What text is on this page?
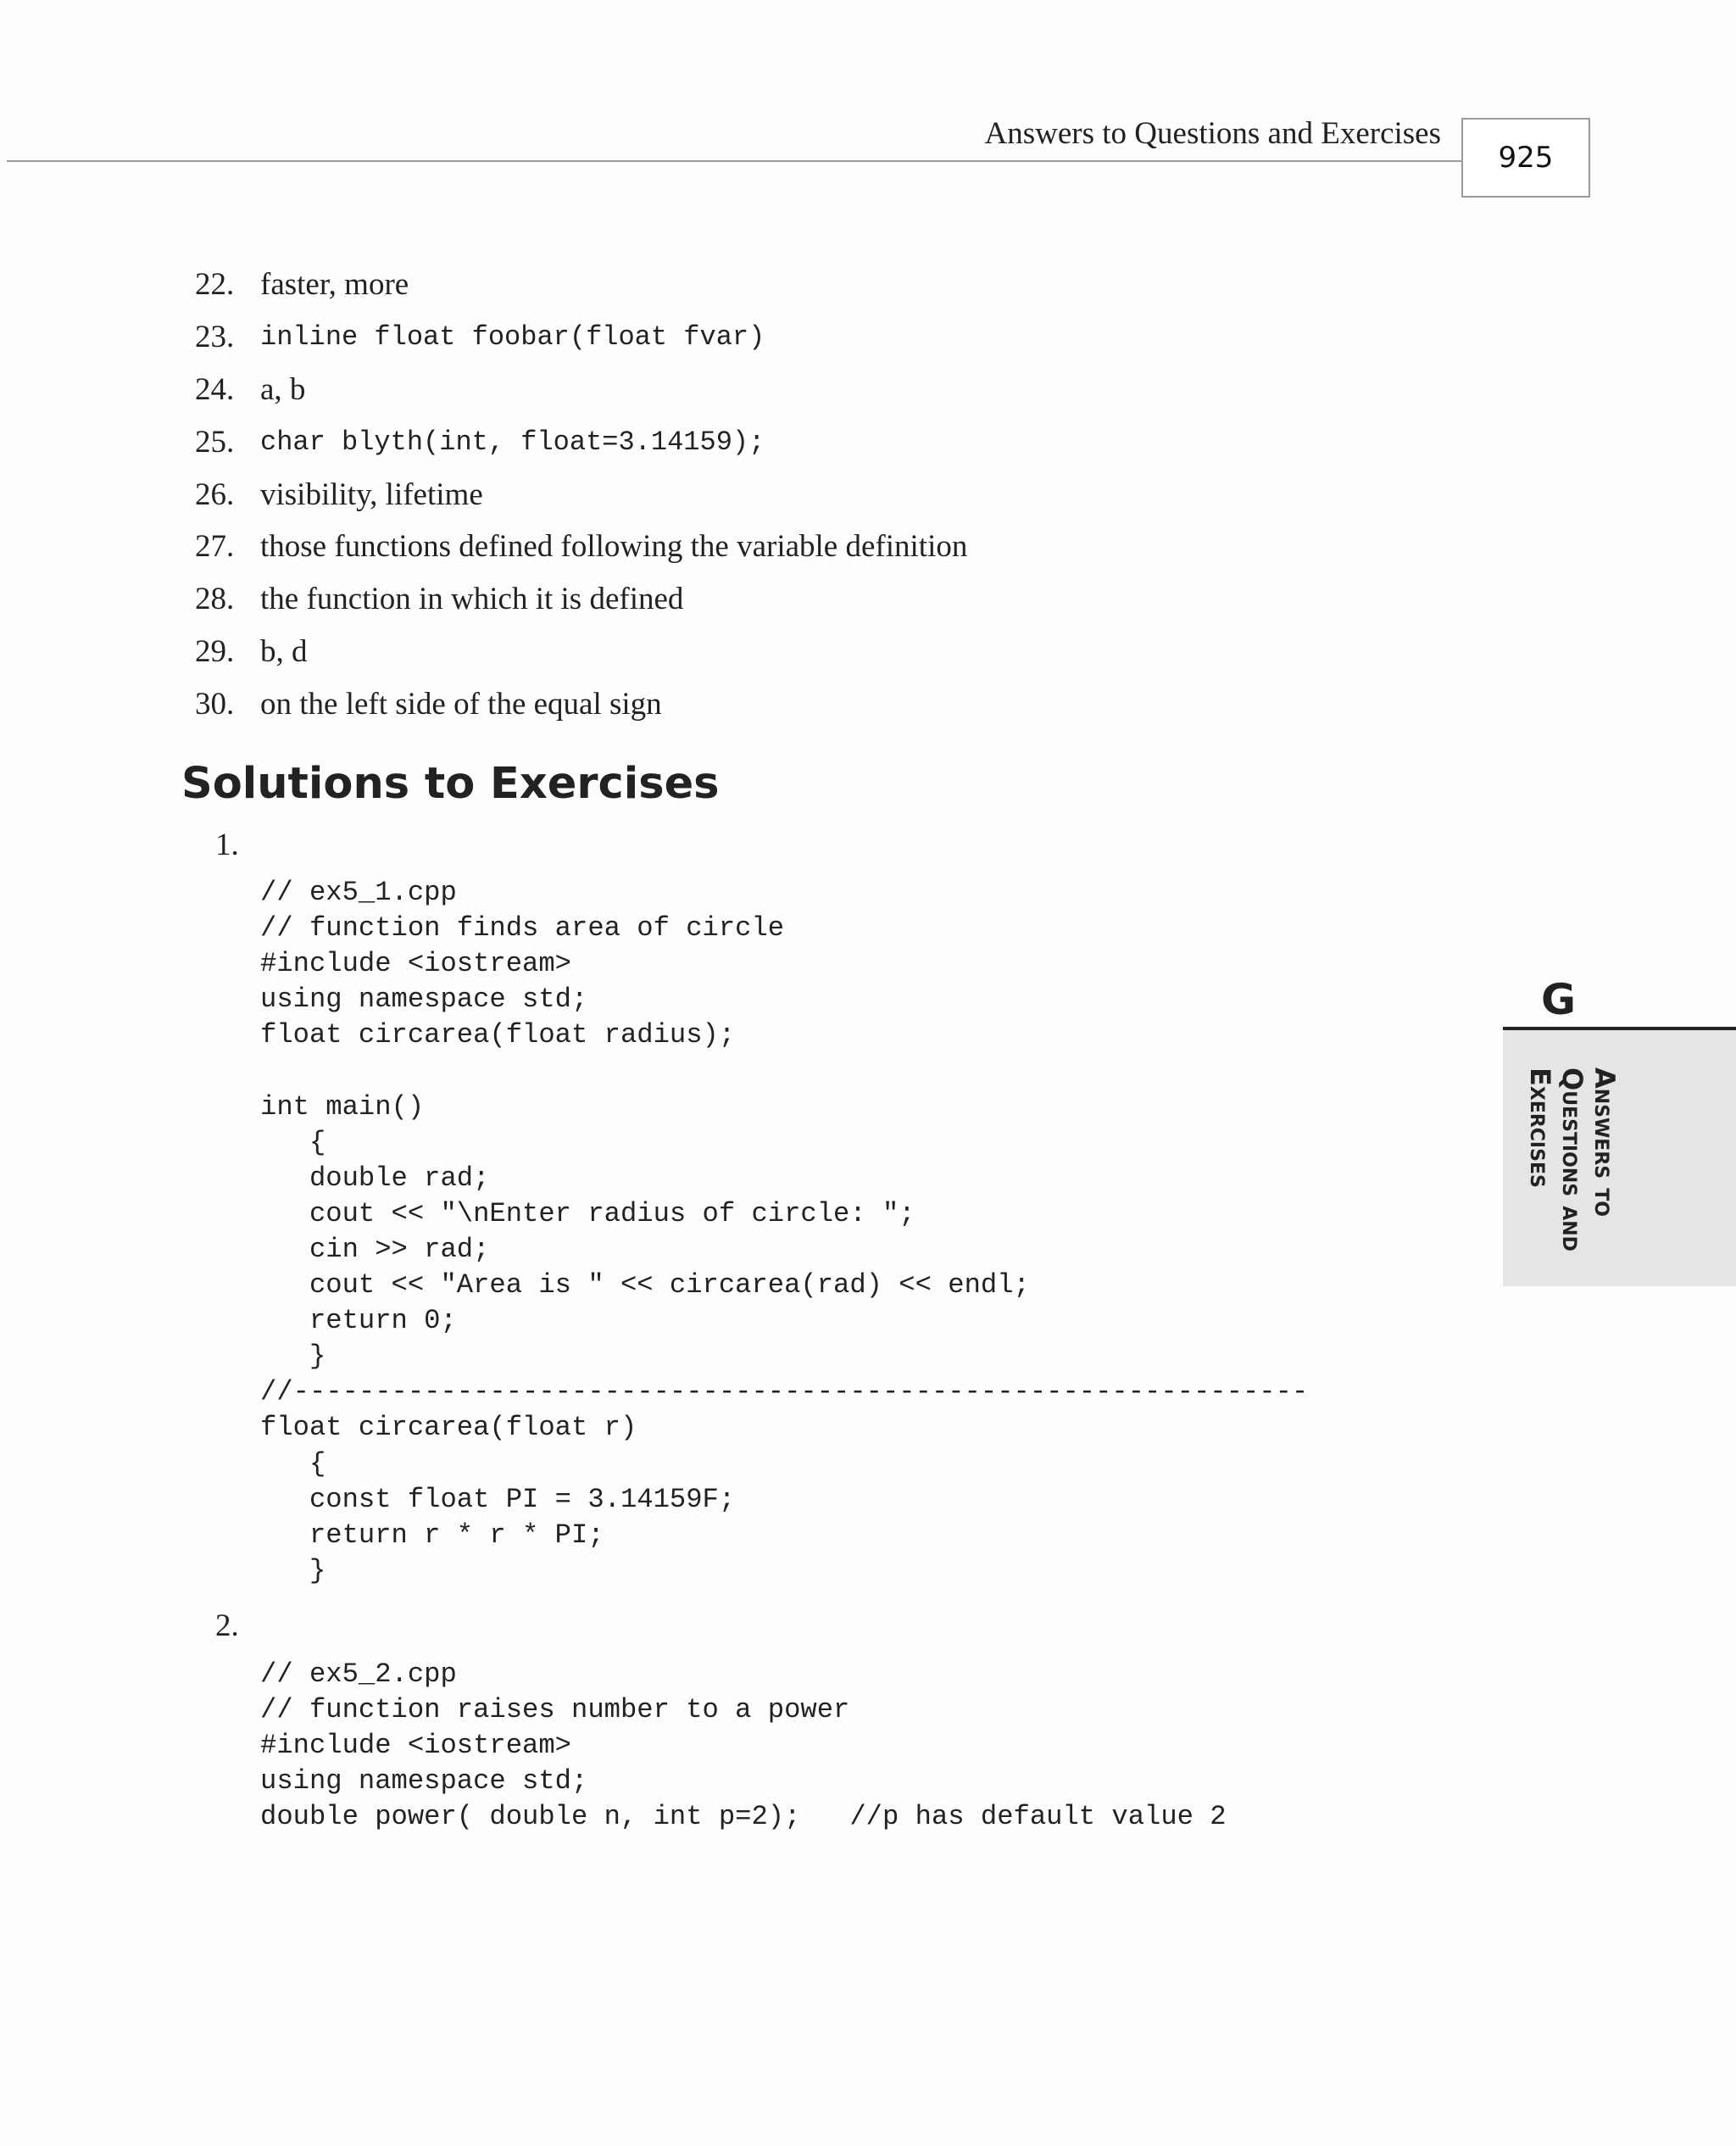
Answers to Questions and Exercises
925
22. faster, more
23. inline float foobar(float fvar)
24. a, b
25. char blyth(int, float=3.14159);
26. visibility, lifetime
27. those functions defined following the variable definition
28. the function in which it is defined
29. b, d
30. on the left side of the equal sign
Solutions to Exercises
1.
// ex5_1.cpp
// function finds area of circle
#include <iostream>
using namespace std;
float circarea(float radius);

int main()
{
double rad;
cout << "\nEnter radius of circle: ";
cin >> rad;
cout << "Area is " << circarea(rad) << endl;
return 0;
}
//--------------------------------------------------------------
float circarea(float r)
{
const float PI = 3.14159F;
return r * r * PI;
}
2.
// ex5_2.cpp
// function raises number to a power
#include <iostream>
using namespace std;
double power( double n, int p=2);   //p has default value 2
G
Answers to
Questions and
Exercises
